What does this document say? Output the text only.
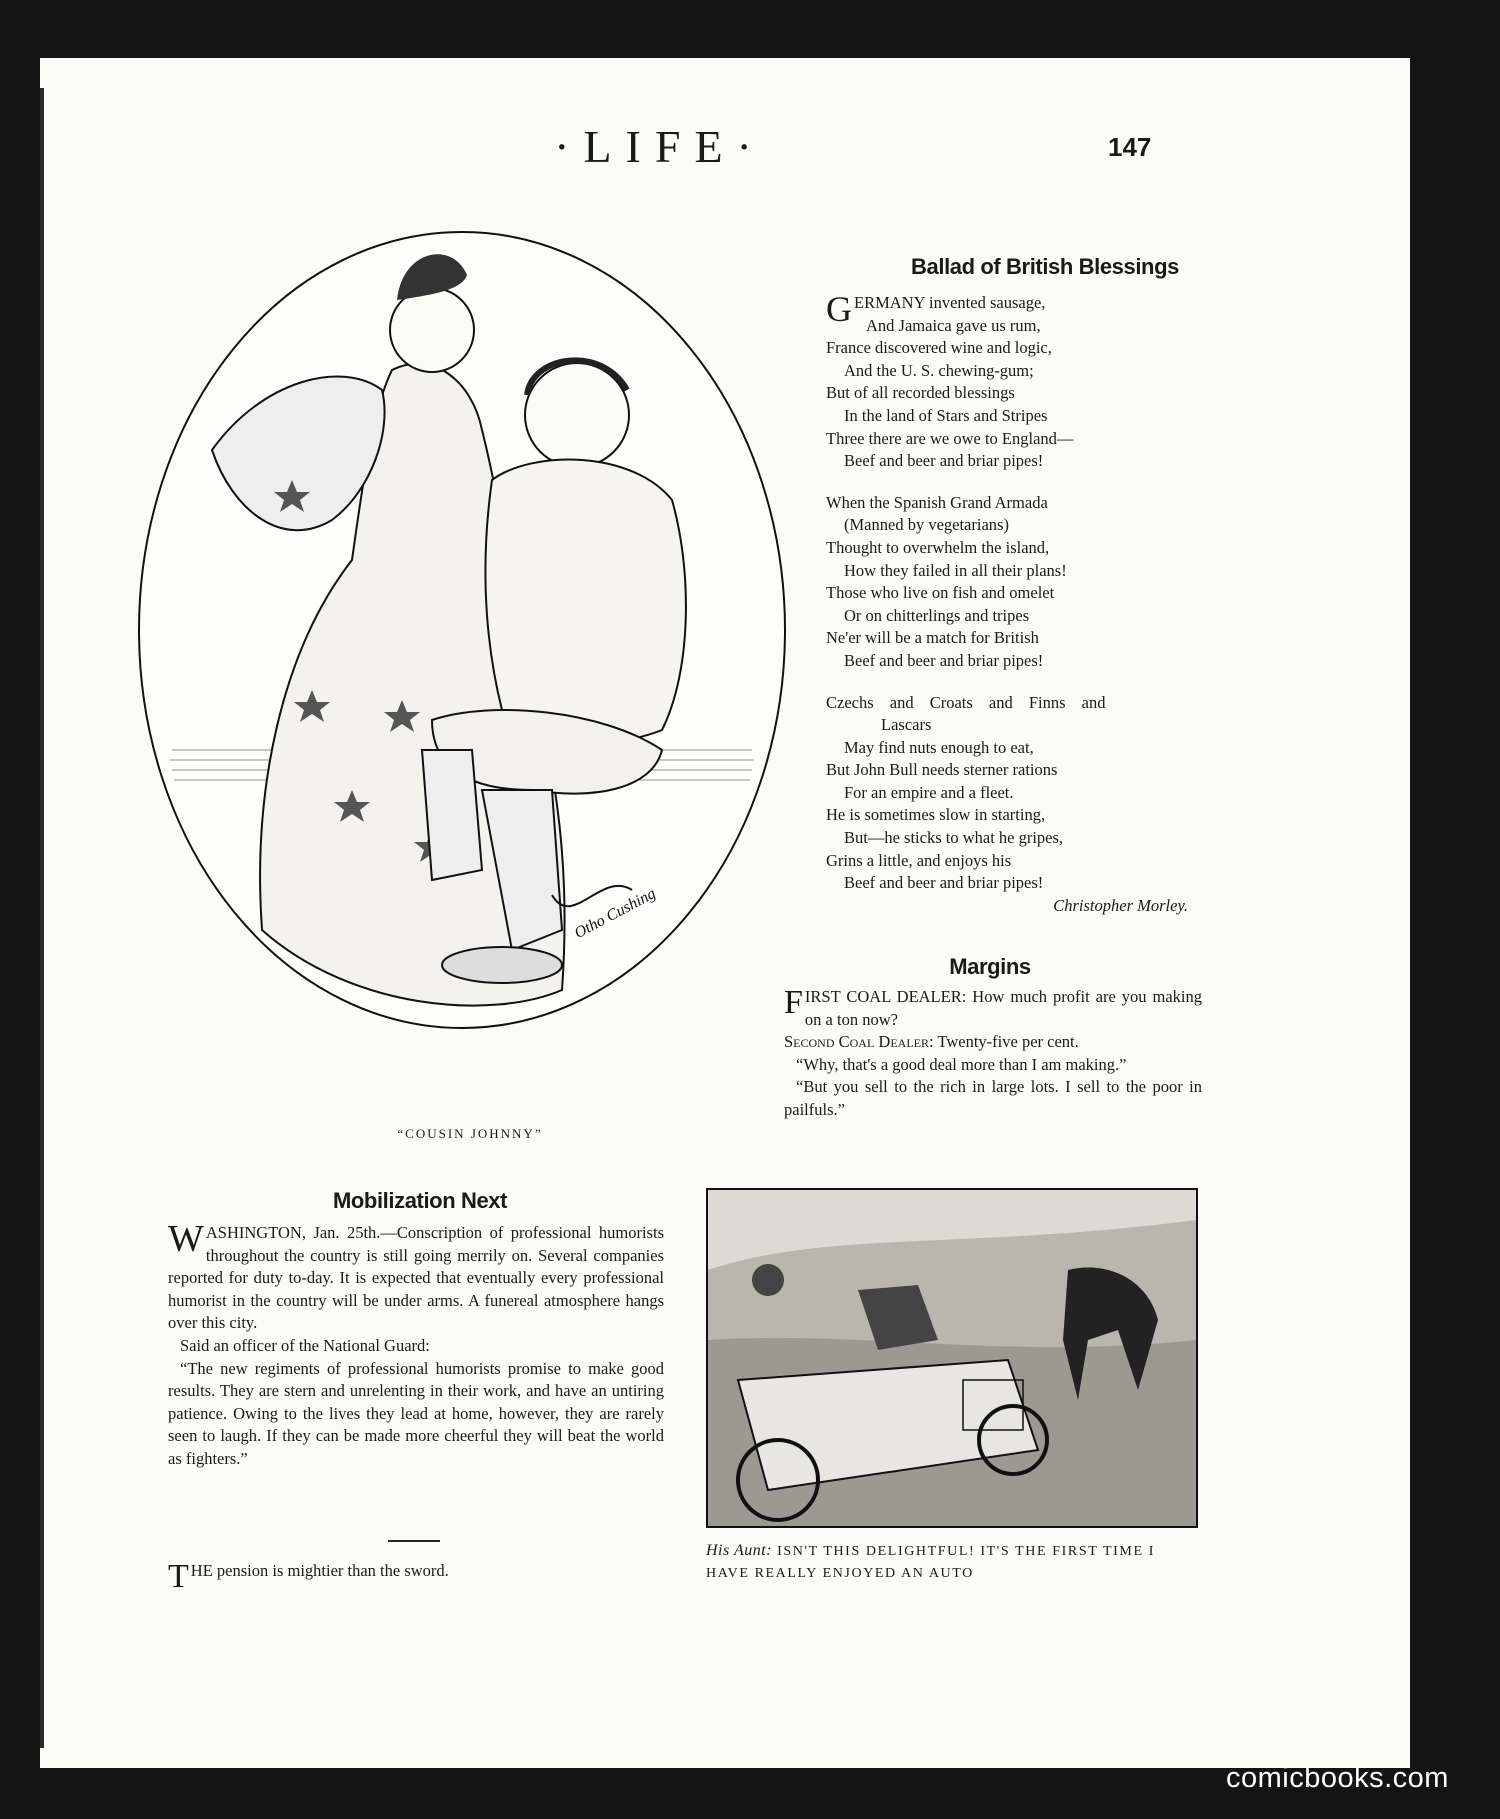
·LIFE·	147
Otho Cushing
“COUSIN JOHNNY”
Ballad of British Blessings
GERMANY invented sausage,
And Jamaica gave us rum,
France discovered wine and logic,
And the U. S. chewing-gum;
But of all recorded blessings
In the land of Stars and Stripes
Three there are we owe to England—
Beef and beer and briar pipes!
When the Spanish Grand Armada
(Manned by vegetarians)
Thought to overwhelm the island,
How they failed in all their plans!
Those who live on fish and omelet
Or on chitterlings and tripes
Ne'er will be a match for British
Beef and beer and briar pipes!
Czechs and Croats and Finns and
Lascars
May find nuts enough to eat,
But John Bull needs sterner rations
For an empire and a fleet.
He is sometimes slow in starting,
But—he sticks to what he gripes,
Grins a little, and enjoys his
Beef and beer and briar pipes!
Christopher Morley.
Margins

FIRST COAL DEALER: How much profit are you making on a ton now?

Second Coal Dealer: Twenty-five per cent.

“Why, that's a good deal more than I am making.”

“But you sell to the rich in large lots. I sell to the poor in pailfuls.”

Mobilization Next

WASHINGTON, Jan. 25th.—Conscription of professional humorists throughout the country is still going merrily on. Several companies reported for duty to-day. It is expected that eventually every professional humorist in the country will be under arms. A funereal atmosphere hangs over this city.

Said an officer of the National Guard:

“The new regiments of professional humorists promise to make good results. They are stern and unrelenting in their work, and have an untiring patience. Owing to the lives they lead at home, however, they are rarely seen to laugh. If they can be made more cheerful they will beat the world as fighters.”

THE pension is mightier than the sword.

His Aunt: ISN'T THIS DELIGHTFUL! IT'S THE FIRST TIME I HAVE REALLY ENJOYED AN AUTO
comicbooks.com
